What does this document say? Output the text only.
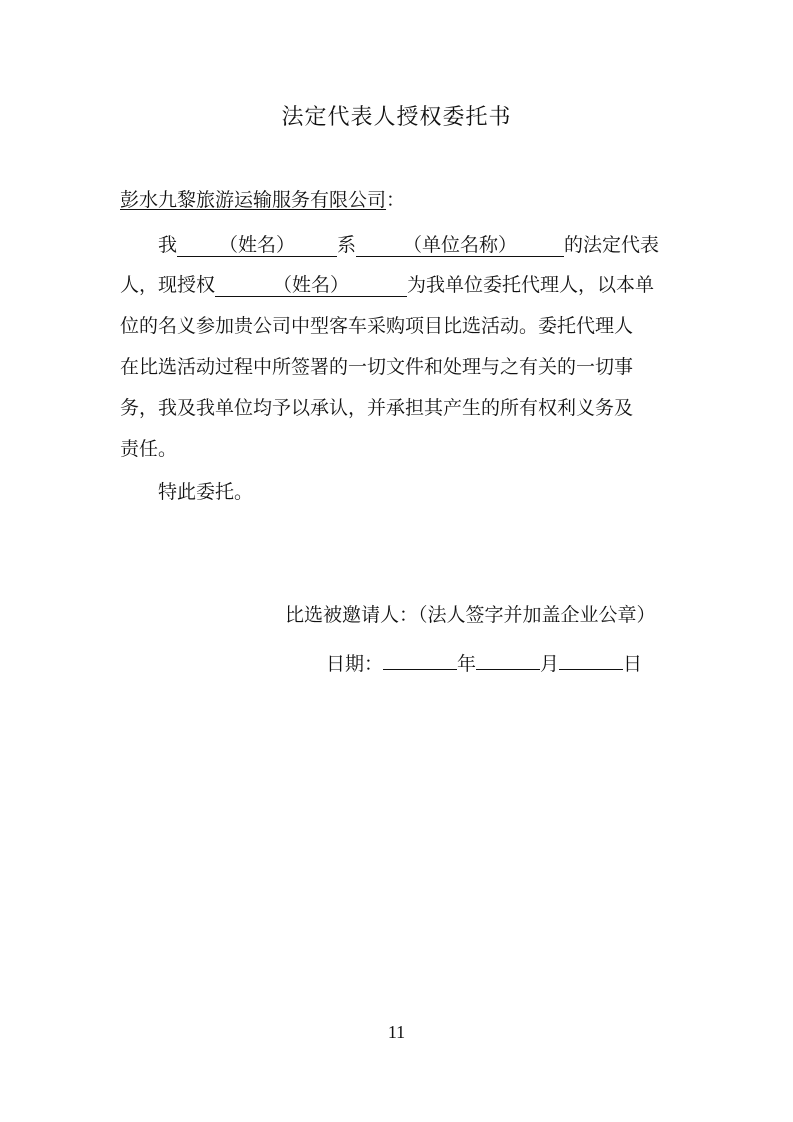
法定代表人授权委托书
彭水九黎旅游运输服务有限公司：
我 （姓名） 系 （单位名称） 的法定代表
人，现授权	（姓名）	为我单位委托代理人，以本单
位的名义参加贵公司中型客车采购项目比选活动。委托代理人
在比选活动过程中所签署的一切文件和处理与之有关的一切事
务，我及我单位均予以承认，并承担其产生的所有权利义务及
责任。
特此委托。
比选被邀请人：（法人签字并加盖企业公章）
日期：	年	月	日
11
